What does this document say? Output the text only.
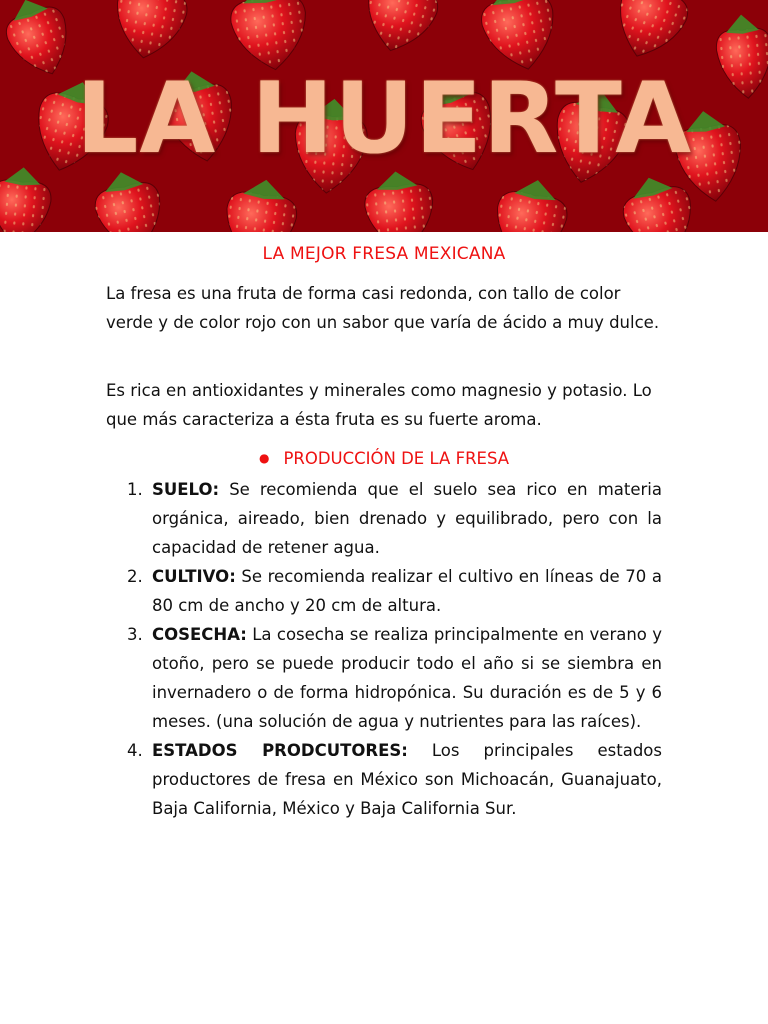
LA HUERTA
LA MEJOR FRESA MEXICANA

La fresa es una fruta de forma casi redonda, con tallo de color verde y de color rojo con un sabor que varía de ácido a muy dulce.

Es rica en antioxidantes y minerales como magnesio y potasio. Lo que más caracteriza a ésta fruta es su fuerte aroma.

● PRODUCCIÓN DE LA FRESA
1. SUELO: Se recomienda que el suelo sea rico en materia orgánica, aireado, bien drenado y equilibrado, pero con la capacidad de retener agua.
2. CULTIVO: Se recomienda realizar el cultivo en líneas de 70 a 80 cm de ancho y 20 cm de altura.
3. COSECHA: La cosecha se realiza principalmente en verano y otoño, pero se puede producir todo el año si se siembra en invernadero o de forma hidropónica. Su duración es de 5 y 6 meses. (una solución de agua y nutrientes para las raíces).
4. ESTADOS PRODCUTORES: Los principales estados productores de fresa en México son Michoacán, Guanajuato, Baja California, México y Baja California Sur.
